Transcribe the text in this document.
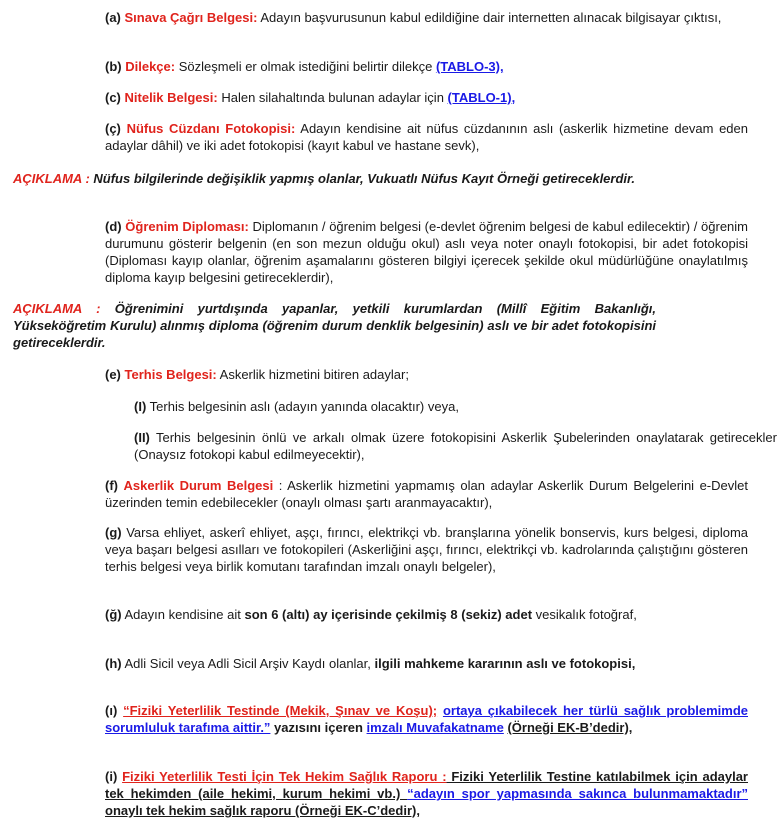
(a) Sınava Çağrı Belgesi: Adayın başvurusunun kabul edildiğine dair internetten alınacak bilgisayar çıktısı,
(b) Dilekçe: Sözleşmeli er olmak istediğini belirtir dilekçe (TABLO-3),
(c) Nitelik Belgesi: Halen silahaltında bulunan adaylar için (TABLO-1),
(ç) Nüfus Cüzdanı Fotokopisi: Adayın kendisine ait nüfus cüzdanının aslı (askerlik hizmetine devam eden adaylar dâhil) ve iki adet fotokopisi (kayıt kabul ve hastane sevk),
AÇIKLAMA : Nüfus bilgilerinde değişiklik yapmış olanlar, Vukuatlı Nüfus Kayıt Örneği getireceklerdir.
(d) Öğrenim Diploması: Diplomanın / öğrenim belgesi (e-devlet öğrenim belgesi de kabul edilecektir) / öğrenim durumunu gösterir belgenin (en son mezun olduğu okul) aslı veya noter onaylı fotokopisi, bir adet fotokopisi (Diploması kayıp olanlar, öğrenim aşamalarını gösteren bilgiyi içerecek şekilde okul müdürlüğüne onaylatılmış diploma kayıp belgesini getireceklerdir),
AÇIKLAMA : Öğrenimini yurtdışında yapanlar, yetkili kurumlardan (Millî Eğitim Bakanlığı, Yükseköğretim Kurulu) alınmış diploma (öğrenim durum denklik belgesinin) aslı ve bir adet fotokopisini getireceklerdir.
(e) Terhis Belgesi: Askerlik hizmetini bitiren adaylar;
(I) Terhis belgesinin aslı (adayın yanında olacaktır) veya,
(II) Terhis belgesinin önlü ve arkalı olmak üzere fotokopisini Askerlik Şubelerinden onaylatarak getirecekler (Onaysız fotokopi kabul edilmeyecektir),
(f) Askerlik Durum Belgesi : Askerlik hizmetini yapmamış olan adaylar Askerlik Durum Belgelerini e-Devlet üzerinden temin edebilecekler (onaylı olması şartı aranmayacaktır),
(g) Varsa ehliyet, askerî ehliyet, aşçı, fırıncı, elektrikçi vb. branşlarına yönelik bonservis, kurs belgesi, diploma veya başarı belgesi asılları ve fotokopileri (Askerliğini aşçı, fırıncı, elektrikçi vb. kadrolarında çalıştığını gösteren terhis belgesi veya birlik komutanı tarafından imzalı onaylı belgeler),
(ğ) Adayın kendisine ait son 6 (altı) ay içerisinde çekilmiş 8 (sekiz) adet vesikalık fotoğraf,
(h) Adli Sicil veya Adli Sicil Arşiv Kaydı olanlar, ilgili mahkeme kararının aslı ve fotokopisi,
(ı) “Fiziki Yeterlilik Testinde (Mekik, Şınav ve Koşu); ortaya çıkabilecek her türlü sağlık problemimde sorumluluk tarafıma aittir.” yazısını içeren imzalı Muvafakatname (Örneği EK-B’dedir),
(i) Fiziki Yeterlilik Testi İçin Tek Hekim Sağlık Raporu : Fiziki Yeterlilik Testine katılabilmek için adaylar tek hekimden (aile hekimi, kurum hekimi vb.) “adayın spor yapmasında sakınca bulunmamaktadır” onaylı tek hekim sağlık raporu (Örneği EK-C’dedir),
